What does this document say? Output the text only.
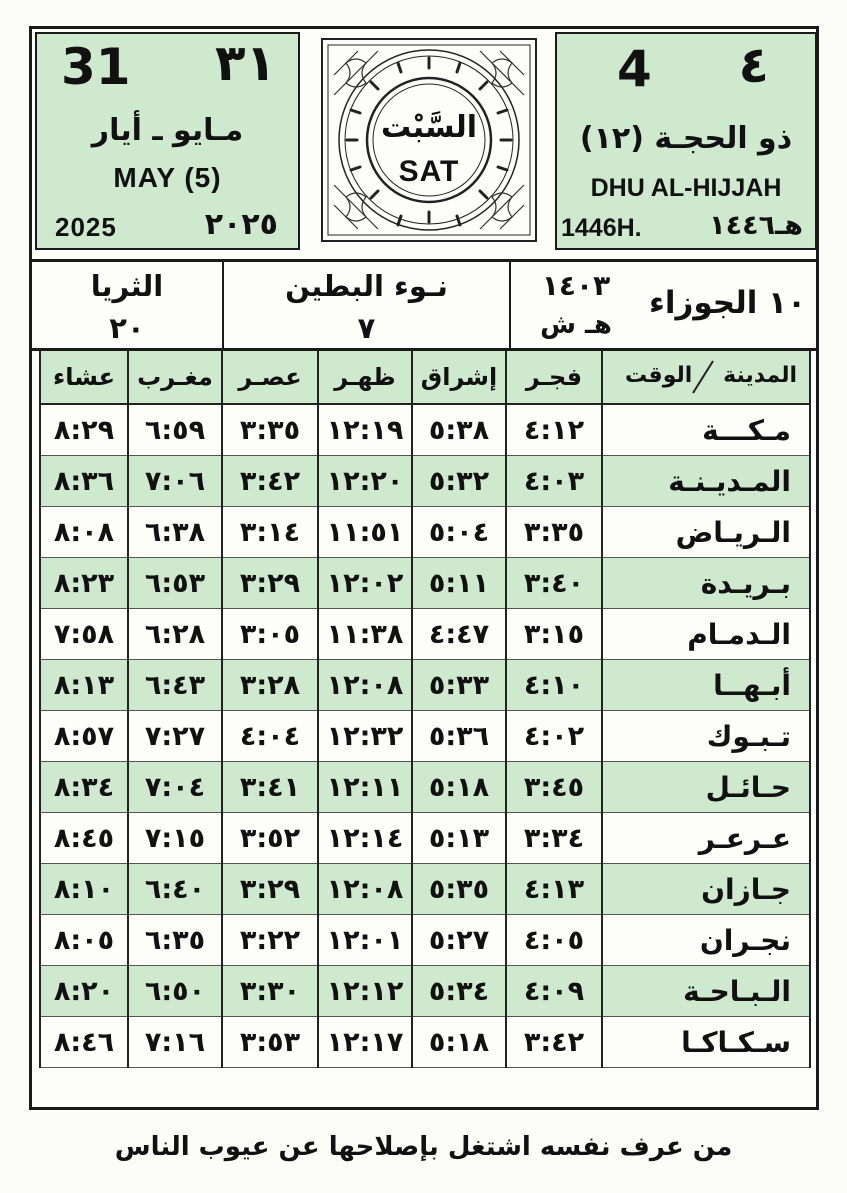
31 ٣١
مـايو ـ أيار
MAY (5)
2025	٢٠٢٥
السَّبْت
SAT
4 ٤
ذو الحجـة (١٢)
DHU AL-HIJJAH
1446H.	هـ١٤٤٦
الثريا
٢٠
نـوء البطين
٧
١٤٠٣
هـ ش
١٠ الجوزاء
عشاء	مغـرب	عصـر	ظهـر	إشراق	فجـر	المدينة
الوقت

٨:٢٩	٦:٥٩	٣:٣٥	١٢:١٩	٥:٣٨	٤:١٢	مـكـــة
٨:٣٦	٧:٠٦	٣:٤٢	١٢:٢٠	٥:٣٢	٤:٠٣	المـديـنـة
٨:٠٨	٦:٣٨	٣:١٤	١١:٥١	٥:٠٤	٣:٣٥	الـريـاض
٨:٢٣	٦:٥٣	٣:٢٩	١٢:٠٢	٥:١١	٣:٤٠	بـريـدة
٧:٥٨	٦:٢٨	٣:٠٥	١١:٣٨	٤:٤٧	٣:١٥	الـدمـام
٨:١٣	٦:٤٣	٣:٢٨	١٢:٠٨	٥:٣٣	٤:١٠	أبـهــا
٨:٥٧	٧:٢٧	٤:٠٤	١٢:٣٢	٥:٣٦	٤:٠٢	تـبـوك
٨:٣٤	٧:٠٤	٣:٤١	١٢:١١	٥:١٨	٣:٤٥	حـائـل
٨:٤٥	٧:١٥	٣:٥٢	١٢:١٤	٥:١٣	٣:٣٤	عـرعـر
٨:١٠	٦:٤٠	٣:٢٩	١٢:٠٨	٥:٣٥	٤:١٣	جـازان
٨:٠٥	٦:٣٥	٣:٢٢	١٢:٠١	٥:٢٧	٤:٠٥	نجـران
٨:٢٠	٦:٥٠	٣:٣٠	١٢:١٢	٥:٣٤	٤:٠٩	الـبـاحـة
٨:٤٦	٧:١٦	٣:٥٣	١٢:١٧	٥:١٨	٣:٤٢	سـكـاكـا
من عرف نفسه اشتغل بإصلاحها عن عيوب الناس
